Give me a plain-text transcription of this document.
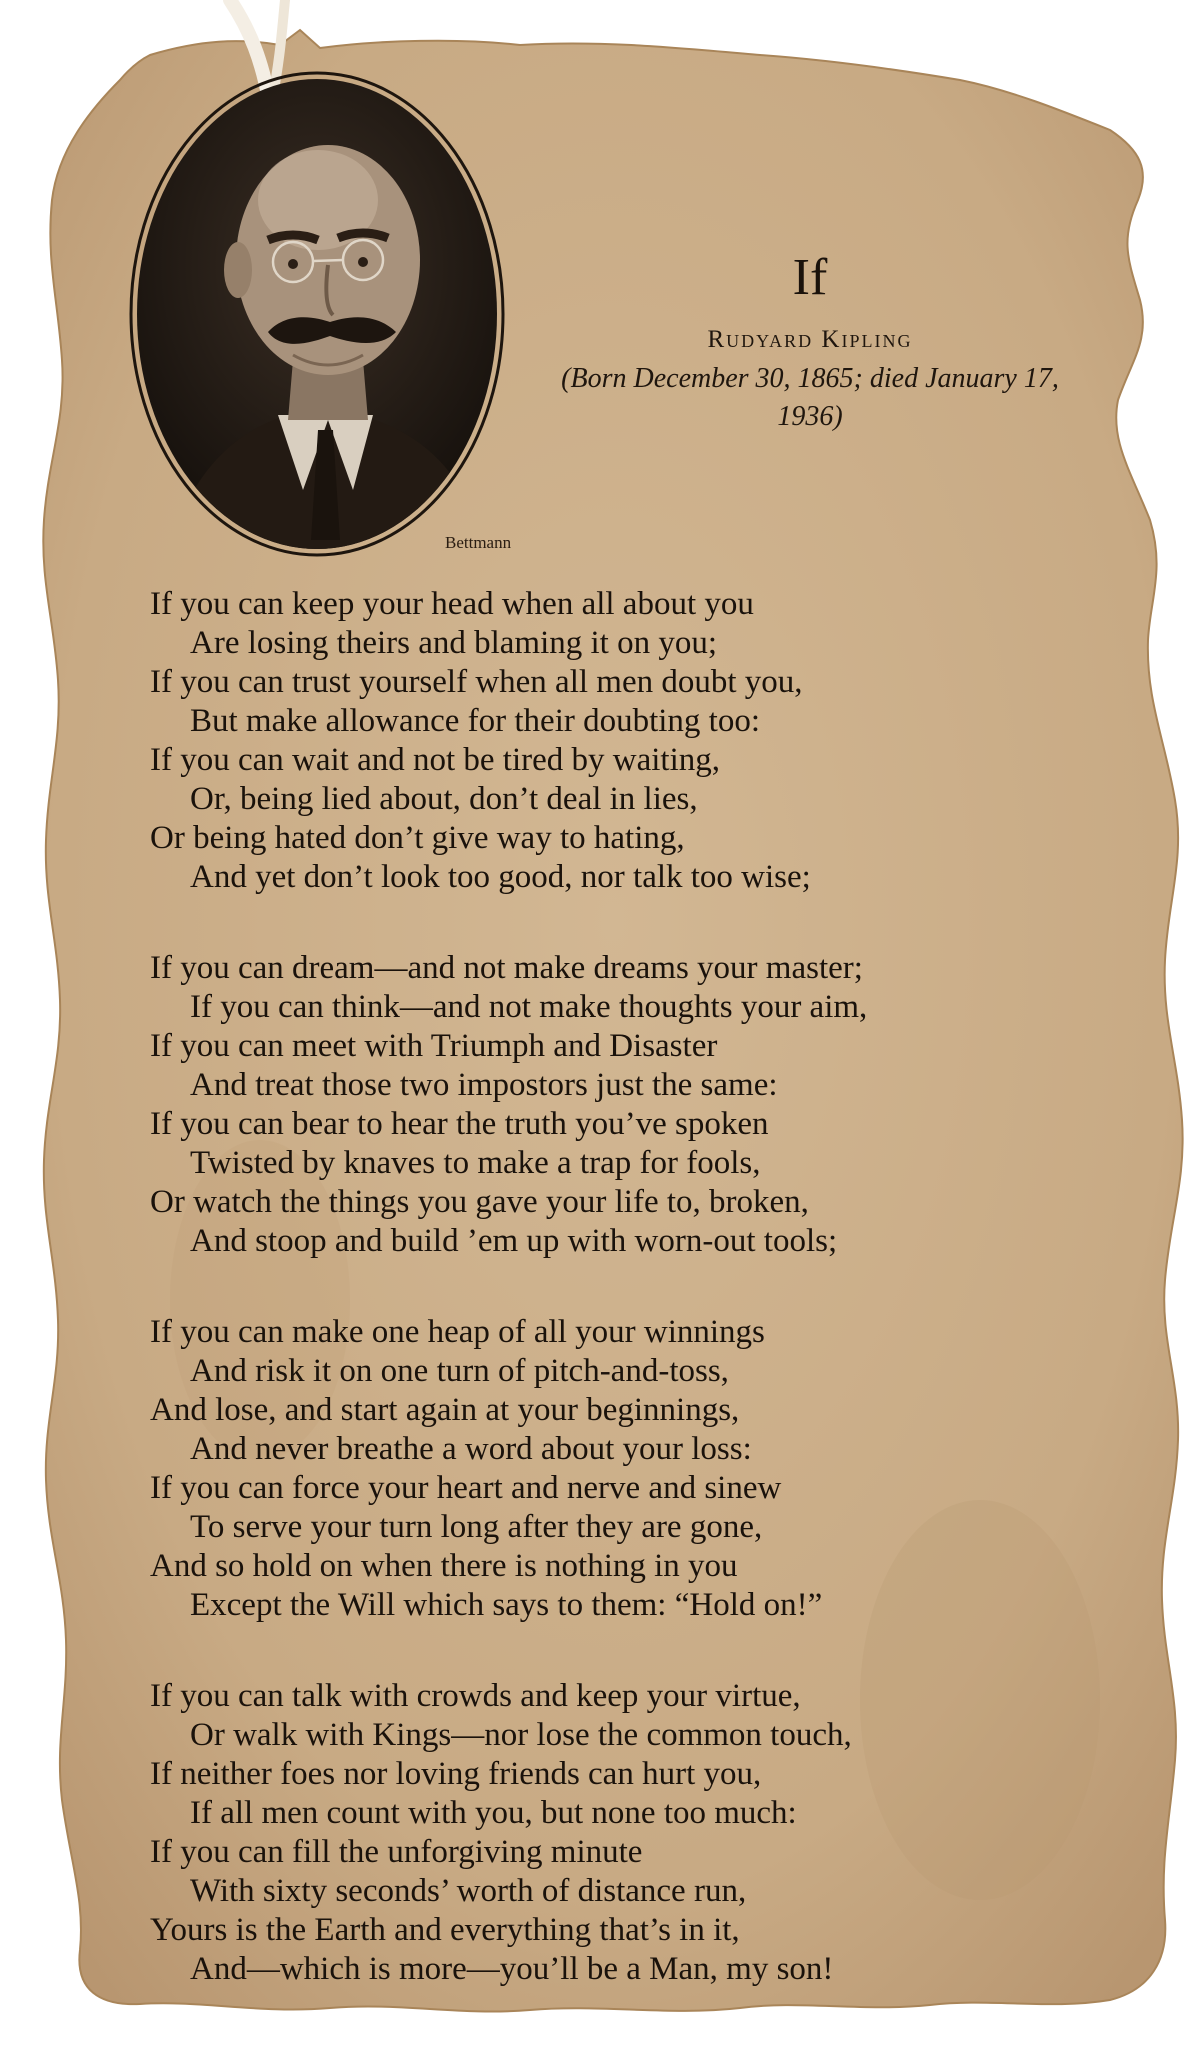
Bettmann
If
Rudyard Kipling
(Born December 30, 1865; died January 17,
1936)
If you can keep your head when all about you
Are losing theirs and blaming it on you;
If you can trust yourself when all men doubt you,
But make allowance for their doubting too:
If you can wait and not be tired by waiting,
Or, being lied about, don’t deal in lies,
Or being hated don’t give way to hating,
And yet don’t look too good, nor talk too wise;
If you can dream—and not make dreams your master;
If you can think—and not make thoughts your aim,
If you can meet with Triumph and Disaster
And treat those two impostors just the same:
If you can bear to hear the truth you’ve spoken
Twisted by knaves to make a trap for fools,
Or watch the things you gave your life to, broken,
And stoop and build ’em up with worn-out tools;
If you can make one heap of all your winnings
And risk it on one turn of pitch-and-toss,
And lose, and start again at your beginnings,
And never breathe a word about your loss:
If you can force your heart and nerve and sinew
To serve your turn long after they are gone,
And so hold on when there is nothing in you
Except the Will which says to them: “Hold on!”
If you can talk with crowds and keep your virtue,
Or walk with Kings—nor lose the common touch,
If neither foes nor loving friends can hurt you,
If all men count with you, but none too much:
If you can fill the unforgiving minute
With sixty seconds’ worth of distance run,
Yours is the Earth and everything that’s in it,
And—which is more—you’ll be a Man, my son!
